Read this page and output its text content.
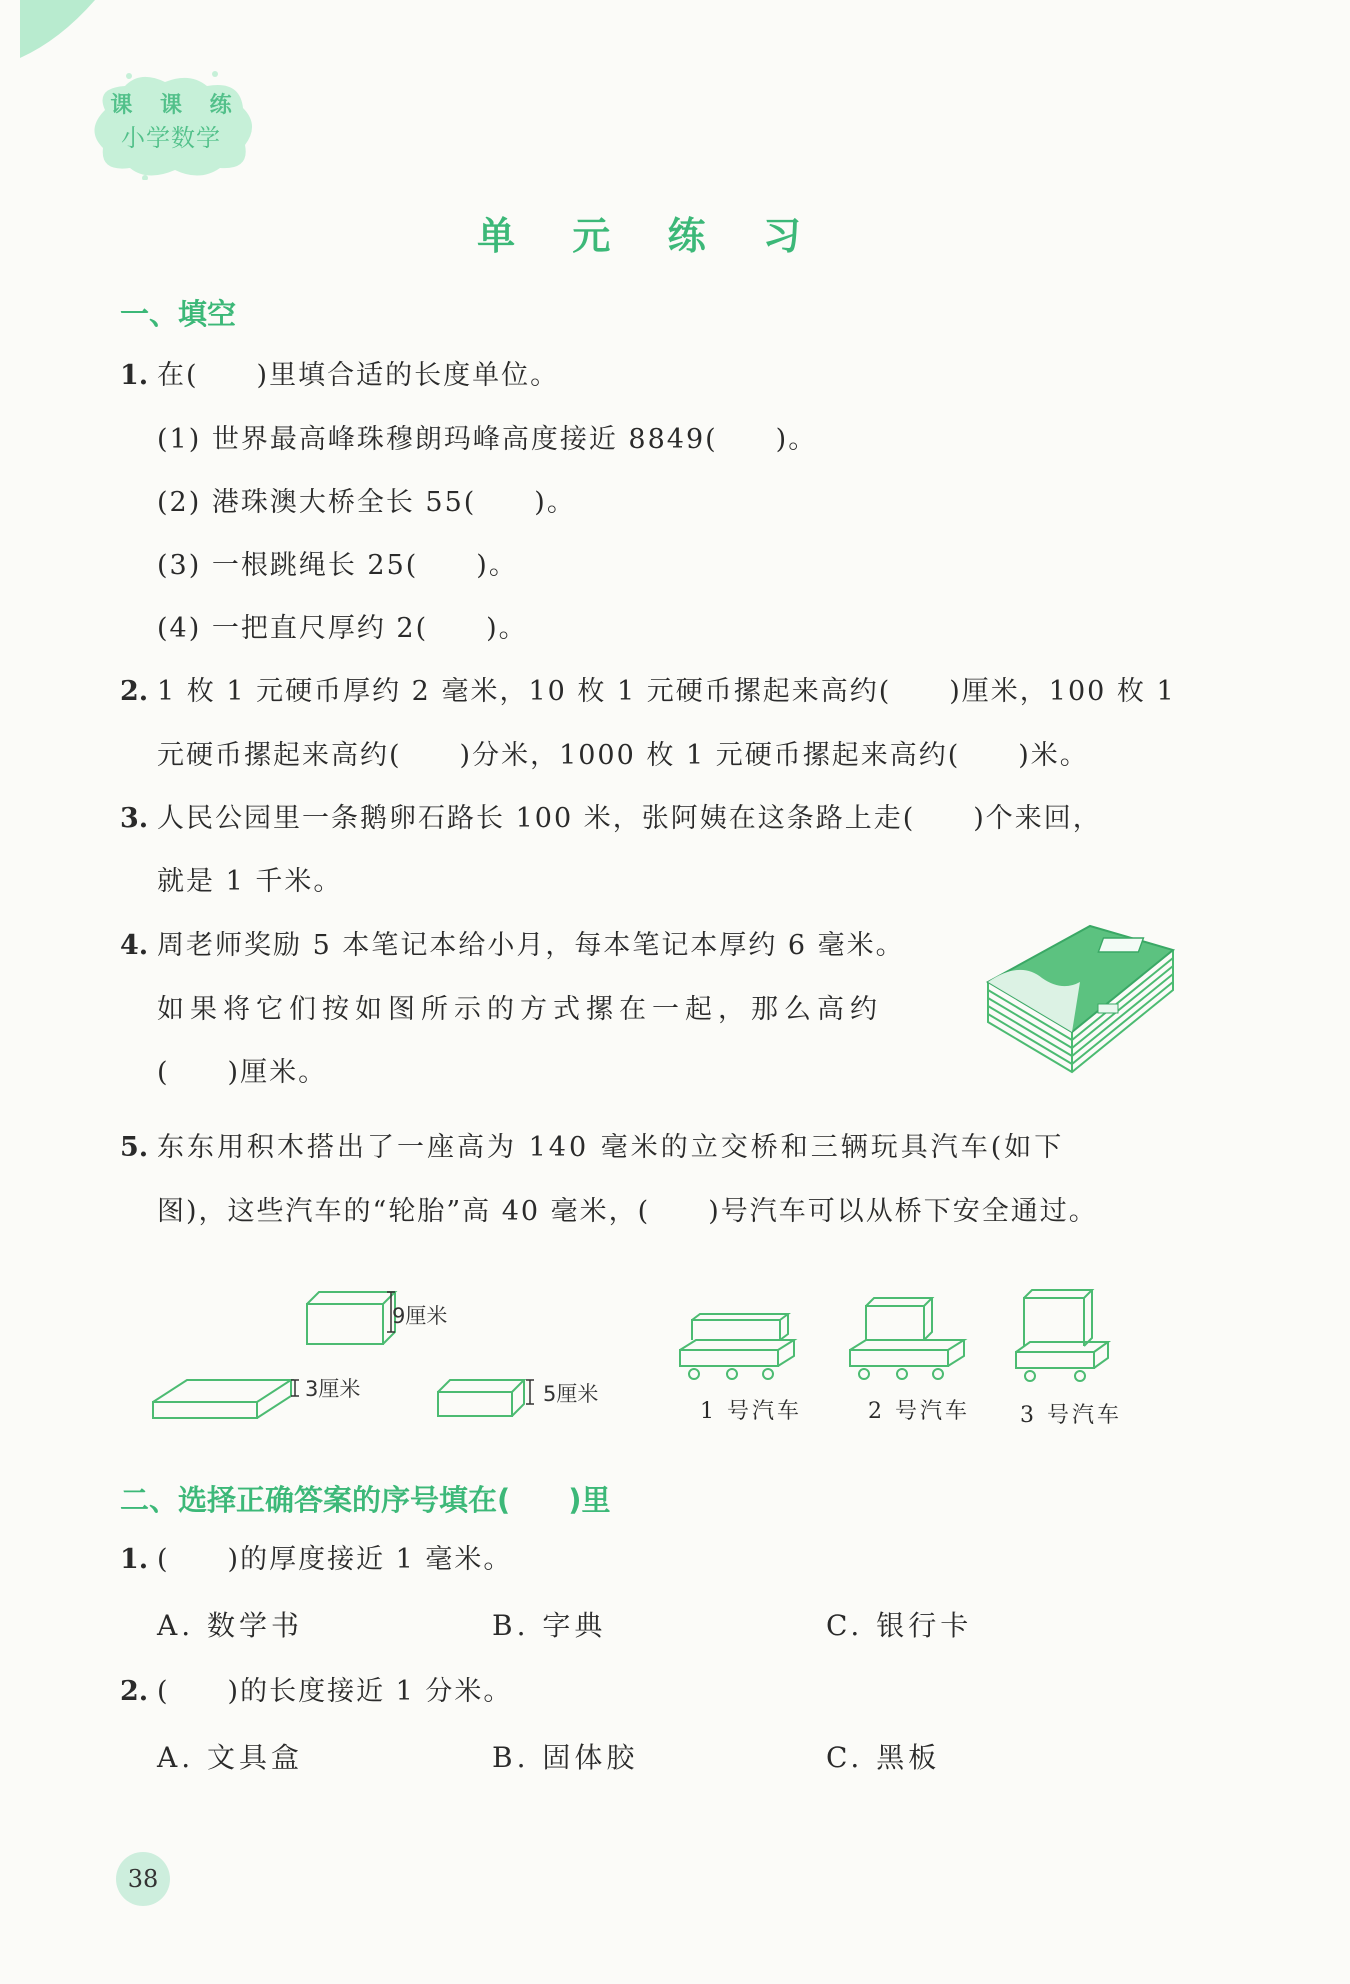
课 课 练
小学数学
单 元 练 习
一、填空
1. 在(　　)里填合适的长度单位。
(1) 世界最高峰珠穆朗玛峰高度接近 8849(　　)。
(2) 港珠澳大桥全长 55(　　)。
(3) 一根跳绳长 25(　　)。
(4) 一把直尺厚约 2(　　)。
2. 1 枚 1 元硬币厚约 2 毫米，10 枚 1 元硬币摞起来高约(　　)厘米，100 枚 1
元硬币摞起来高约(　　)分米，1000 枚 1 元硬币摞起来高约(　　)米。
3. 人民公园里一条鹅卵石路长 100 米，张阿姨在这条路上走(　　)个来回，
就是 1 千米。
4. 周老师奖励 5 本笔记本给小月，每本笔记本厚约 6 毫米。
如果将它们按如图所示的方式摞在一起，那么高约
(　　)厘米。
5. 东东用积木搭出了一座高为 140 毫米的立交桥和三辆玩具汽车(如下
图)，这些汽车的“轮胎”高 40 毫米，(　　)号汽车可以从桥下安全通过。
9厘米
3厘米	5厘米
1 号汽车	2 号汽车 3 号汽车
二、选择正确答案的序号填在(　　)里
1. (　　)的厚度接近 1 毫米。
A. 数学书	B. 字典	C. 银行卡
2. (　　)的长度接近 1 分米。
A. 文具盒	B. 固体胶	C. 黑板
38
